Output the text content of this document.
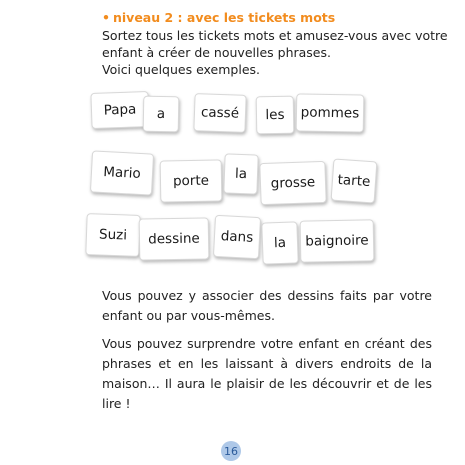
• niveau 2 : avec les tickets mots

Sortez tous les tickets mots et amusez-vous avec votre

enfant à créer de nouvelles phrases.

Voici quelques exemples.

Papa	a	cassé	les	pommes
Mario	porte	la
grosse	tarte
Suzi	dessine	dans	la	baignoire
Vous pouvez y associer des dessins faits par votre enfant ou par vous-mêmes.
Vous pouvez surprendre votre enfant en créant des phrases et en les laissant à divers endroits de la maison… Il aura le plaisir de les découvrir et de les lire !
16
